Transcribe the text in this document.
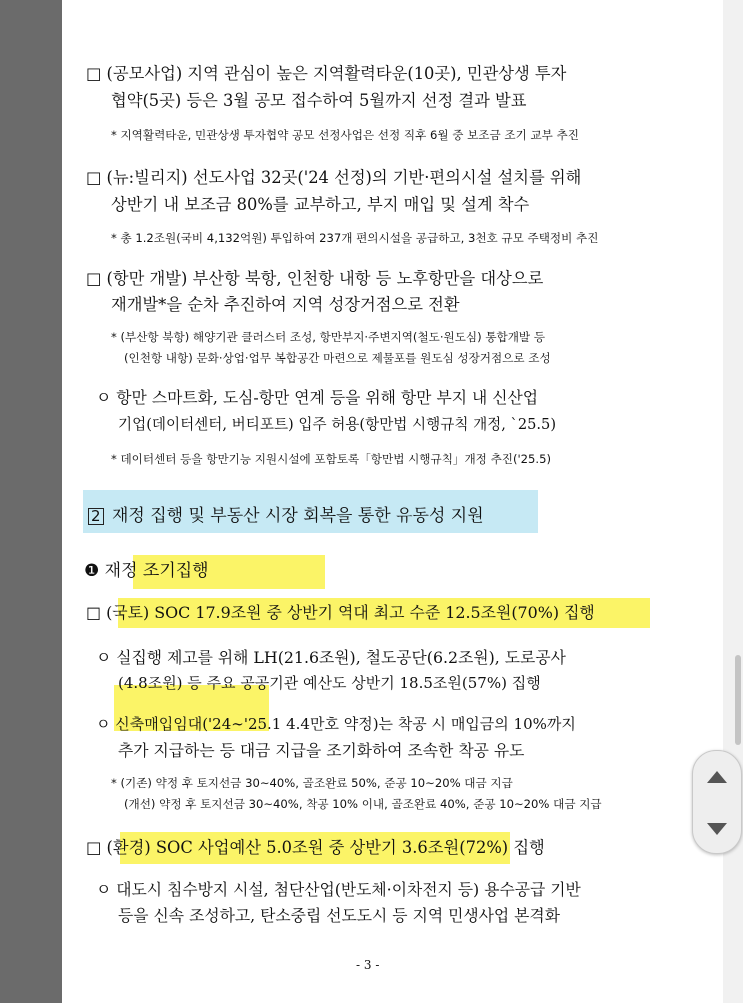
□ (공모사업) 지역 관심이 높은 지역활력타운(10곳), 민관상생 투자
협약(5곳) 등은 3월 공모 접수하여 5월까지 선정 결과 발표
* 지역활력타운, 민관상생 투자협약 공모 선정사업은 선정 직후 6월 중 보조금 조기 교부 추진
□ (뉴:빌리지) 선도사업 32곳('24 선정)의 기반·편의시설 설치를 위해
상반기 내 보조금 80%를 교부하고, 부지 매입 및 설계 착수
* 총 1.2조원(국비 4,132억원) 투입하여 237개 편의시설을 공급하고, 3천호 규모 주택정비 추진
□ (항만 개발) 부산항 북항, 인천항 내항 등 노후항만을 대상으로
재개발*을 순차 추진하여 지역 성장거점으로 전환
* (부산항 북항) 해양기관 클러스터 조성, 항만부지·주변지역(철도·원도심) 통합개발 등
(인천항 내항) 문화·상업·업무 복합공간 마련으로 제물포를 원도심 성장거점으로 조성
ㅇ 항만 스마트화, 도심-항만 연계 등을 위해 항만 부지 내 신산업
기업(데이터센터, 버티포트) 입주 허용(항만법 시행규칙 개정, `25.5)
* 데이터센터 등을 항만기능 지원시설에 포함토록「항만법 시행규칙」개정 추진('25.5)
2 재정 집행 및 부동산 시장 회복을 통한 유동성 지원
❶ 재정 조기집행
□ (국토) SOC 17.9조원 중 상반기 역대 최고 수준 12.5조원(70%) 집행
ㅇ 실집행 제고를 위해 LH(21.6조원), 철도공단(6.2조원), 도로공사
(4.8조원) 등 주요 공공기관 예산도 상반기 18.5조원(57%) 집행
ㅇ 신축매입임대('24∼'25.1 4.4만호 약정)는 착공 시 매입금의 10%까지
추가 지급하는 등 대금 지급을 조기화하여 조속한 착공 유도
* (기존) 약정 후 토지선금 30∼40%, 골조완료 50%, 준공 10∼20% 대금 지급
(개선) 약정 후 토지선금 30∼40%, 착공 10% 이내, 골조완료 40%, 준공 10∼20% 대금 지급
□ (환경) SOC 사업예산 5.0조원 중 상반기 3.6조원(72%) 집행
ㅇ 대도시 침수방지 시설, 첨단산업(반도체·이차전지 등) 용수공급 기반
등을 신속 조성하고, 탄소중립 선도도시 등 지역 민생사업 본격화
- 3 -
